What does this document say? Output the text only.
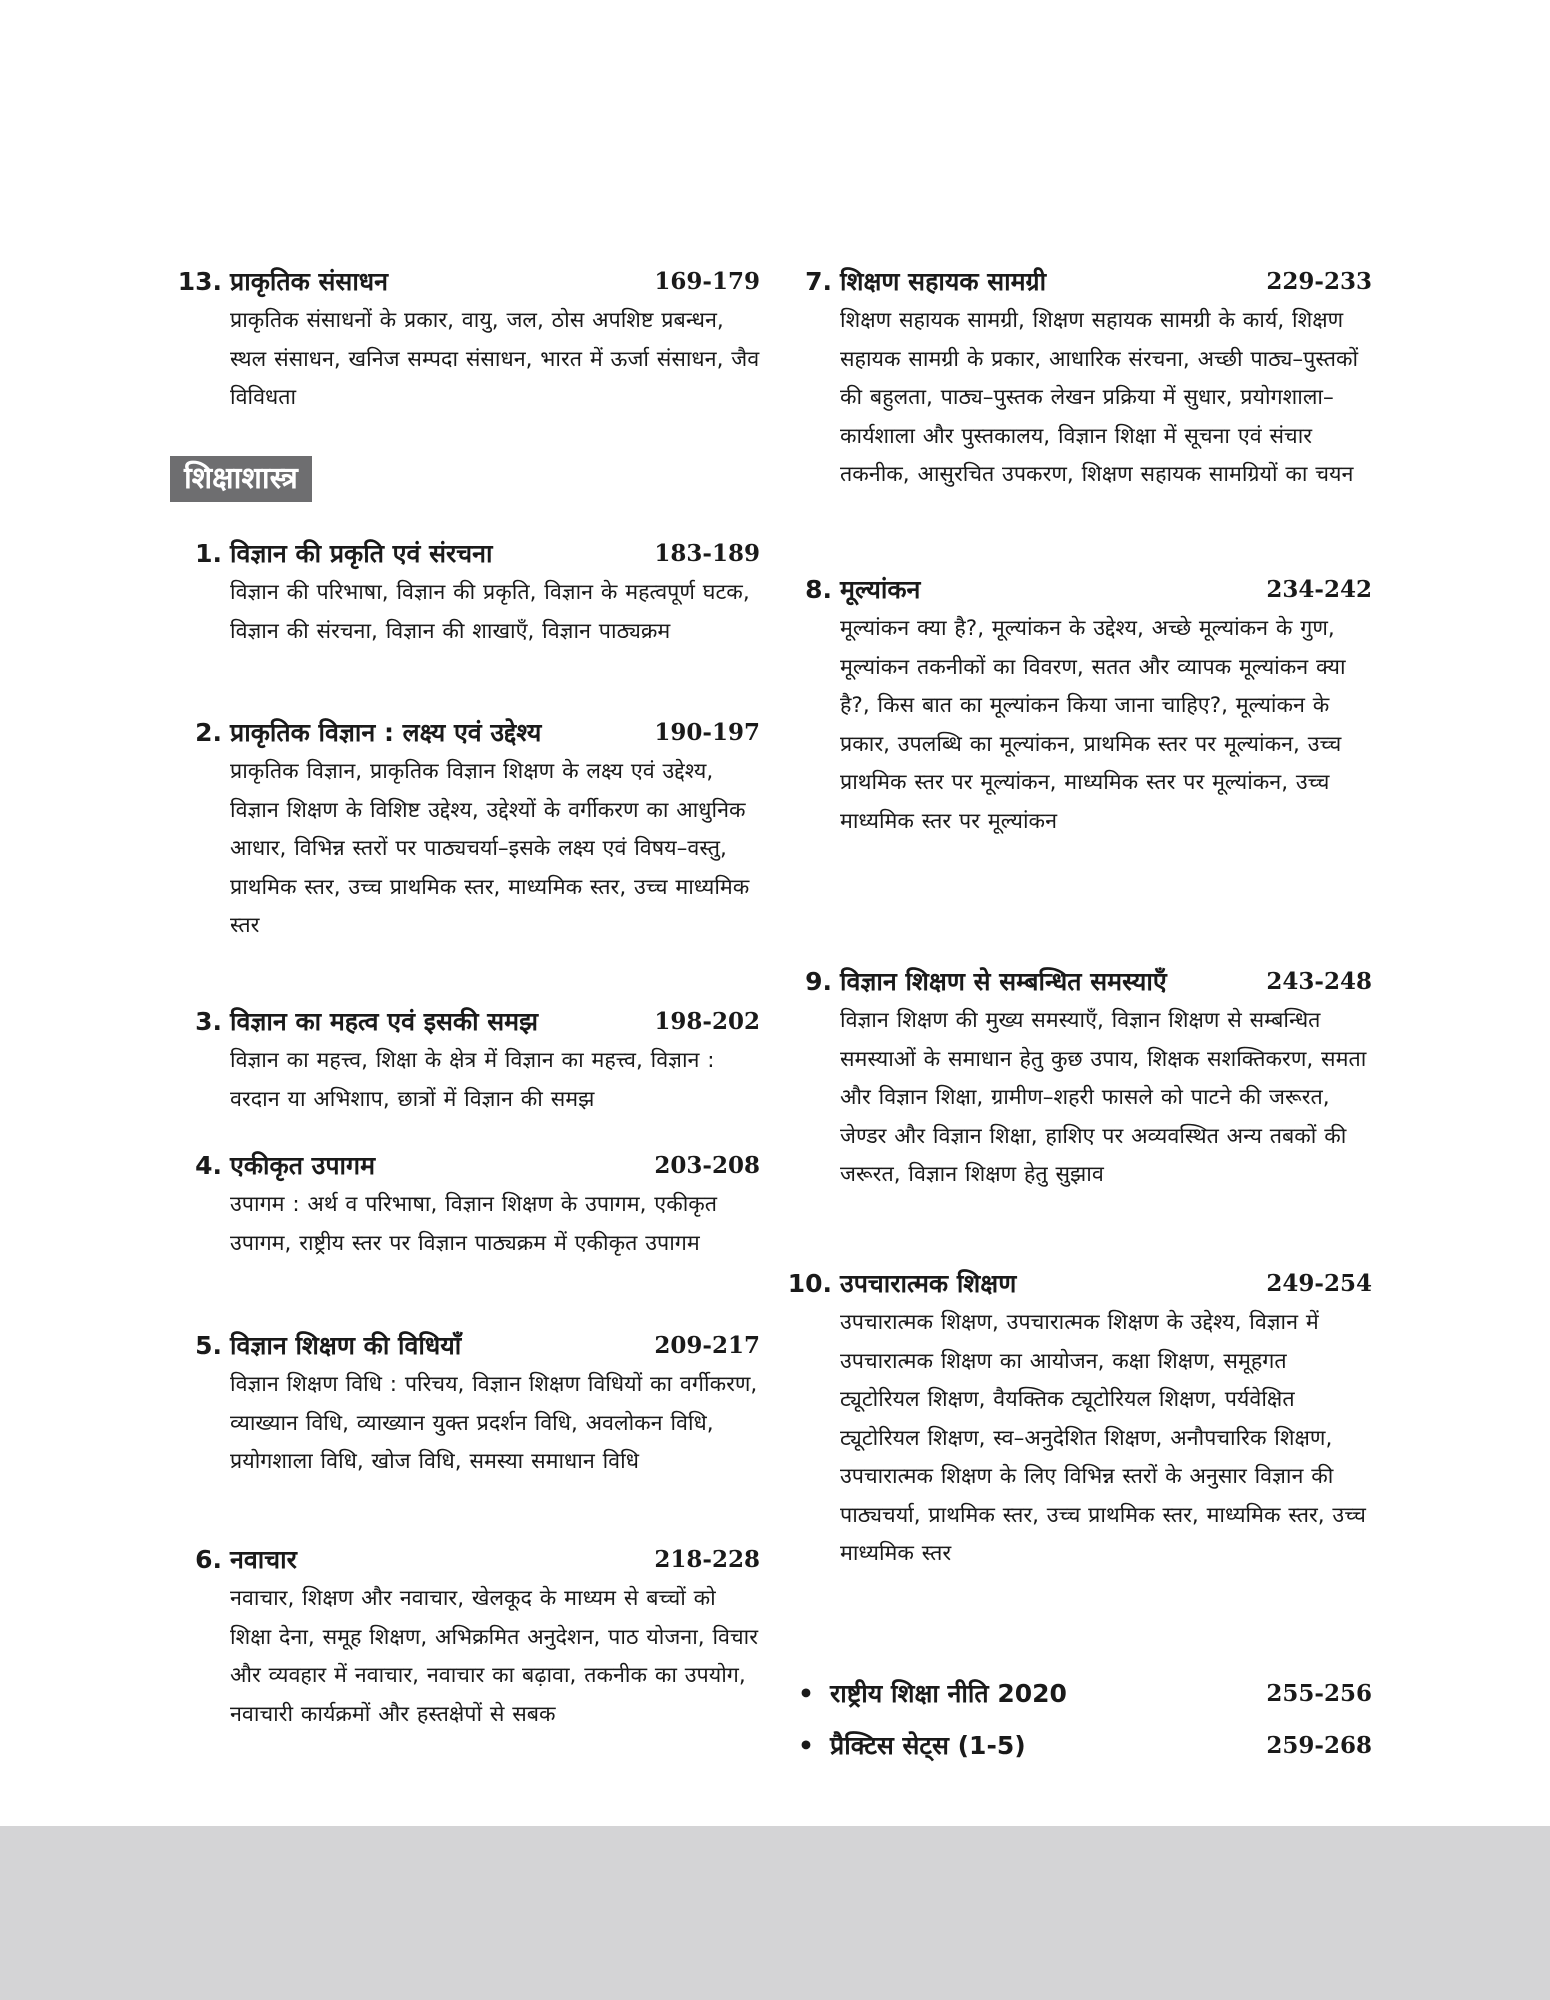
13. प्राकृतिक संसाधन	169-179

प्राकृतिक संसाधनों के प्रकार, वायु, जल, ठोस अपशिष्ट प्रबन्धन, स्थल संसाधन, खनिज सम्पदा संसाधन, भारत में ऊर्जा संसाधन, जैव विविधता

1. विज्ञान की प्रकृति एवं संरचना	183-189

विज्ञान की परिभाषा, विज्ञान की प्रकृति, विज्ञान के महत्वपूर्ण घटक, विज्ञान की संरचना, विज्ञान की शाखाएँ, विज्ञान पाठ्यक्रम

2. प्राकृतिक विज्ञान : लक्ष्य एवं उद्देश्य	190-197

प्राकृतिक विज्ञान, प्राकृतिक विज्ञान शिक्षण के लक्ष्य एवं उद्देश्य, विज्ञान शिक्षण के विशिष्ट उद्देश्य, उद्देश्यों के वर्गीकरण का आधुनिक आधार, विभिन्न स्तरों पर पाठ्यचर्या–इसके लक्ष्य एवं विषय–वस्तु, प्राथमिक स्तर, उच्च प्राथमिक स्तर, माध्यमिक स्तर, उच्च माध्यमिक स्तर

3. विज्ञान का महत्व एवं इसकी समझ	198-202

विज्ञान का महत्त्व, शिक्षा के क्षेत्र में विज्ञान का महत्त्व, विज्ञान : वरदान या अभिशाप, छात्रों में विज्ञान की समझ

4. एकीकृत उपागम	203-208

उपागम : अर्थ व परिभाषा, विज्ञान शिक्षण के उपागम, एकीकृत उपागम, राष्ट्रीय स्तर पर विज्ञान पाठ्यक्रम में एकीकृत उपागम

5. विज्ञान शिक्षण की विधियाँ	209-217

विज्ञान शिक्षण विधि : परिचय, विज्ञान शिक्षण विधियों का वर्गीकरण, व्याख्यान विधि, व्याख्यान युक्त प्रदर्शन विधि, अवलोकन विधि, प्रयोगशाला विधि, खोज विधि, समस्या समाधान विधि

6. नवाचार	218-228

नवाचार, शिक्षण और नवाचार, खेलकूद के माध्यम से बच्चों को शिक्षा देना, समूह शिक्षण, अभिक्रमित अनुदेशन, पाठ योजना, विचार और व्यवहार में नवाचार, नवाचार का बढ़ावा, तकनीक का उपयोग, नवाचारी कार्यक्रमों और हस्तक्षेपों से सबक

शिक्षाशास्त्र
7. शिक्षण सहायक सामग्री	229-233

शिक्षण सहायक सामग्री, शिक्षण सहायक सामग्री के कार्य, शिक्षण सहायक सामग्री के प्रकार, आधारिक संरचना, अच्छी पाठ्य–पुस्तकों की बहुलता, पाठ्य–पुस्तक लेखन प्रक्रिया में सुधार, प्रयोगशाला–कार्यशाला और पुस्तकालय, विज्ञान शिक्षा में सूचना एवं संचार तकनीक, आसुरचित उपकरण, शिक्षण सहायक सामग्रियों का चयन

8. मूल्यांकन	234-242

मूल्यांकन क्या है?, मूल्यांकन के उद्देश्य, अच्छे मूल्यांकन के गुण, मूल्यांकन तकनीकों का विवरण, सतत और व्यापक मूल्यांकन क्या है?, किस बात का मूल्यांकन किया जाना चाहिए?, मूल्यांकन के प्रकार, उपलब्धि का मूल्यांकन, प्राथमिक स्तर पर मूल्यांकन, उच्च प्राथमिक स्तर पर मूल्यांकन, माध्यमिक स्तर पर मूल्यांकन, उच्च माध्यमिक स्तर पर मूल्यांकन

9. विज्ञान शिक्षण से सम्बन्धित समस्याएँ	243-248

विज्ञान शिक्षण की मुख्य समस्याएँ, विज्ञान शिक्षण से सम्बन्धित समस्याओं के समाधान हेतु कुछ उपाय, शिक्षक सशक्तिकरण, समता और विज्ञान शिक्षा, ग्रामीण–शहरी फासले को पाटने की जरूरत, जेण्डर और विज्ञान शिक्षा, हाशिए पर अव्यवस्थित अन्य तबकों की जरूरत, विज्ञान शिक्षण हेतु सुझाव

10. उपचारात्मक शिक्षण	249-254

उपचारात्मक शिक्षण, उपचारात्मक शिक्षण के उद्देश्य, विज्ञान में उपचारात्मक शिक्षण का आयोजन, कक्षा शिक्षण, समूहगत ट्यूटोरियल शिक्षण, वैयक्तिक ट्यूटोरियल शिक्षण, पर्यवेक्षित ट्यूटोरियल शिक्षण, स्व–अनुदेशित शिक्षण, अनौपचारिक शिक्षण, उपचारात्मक शिक्षण के लिए विभिन्न स्तरों के अनुसार विज्ञान की पाठ्यचर्या, प्राथमिक स्तर, उच्च प्राथमिक स्तर, माध्यमिक स्तर, उच्च माध्यमिक स्तर

• राष्ट्रीय शिक्षा नीति 2020	255-256
• प्रैक्टिस सेट्स (1-5)	259-268
